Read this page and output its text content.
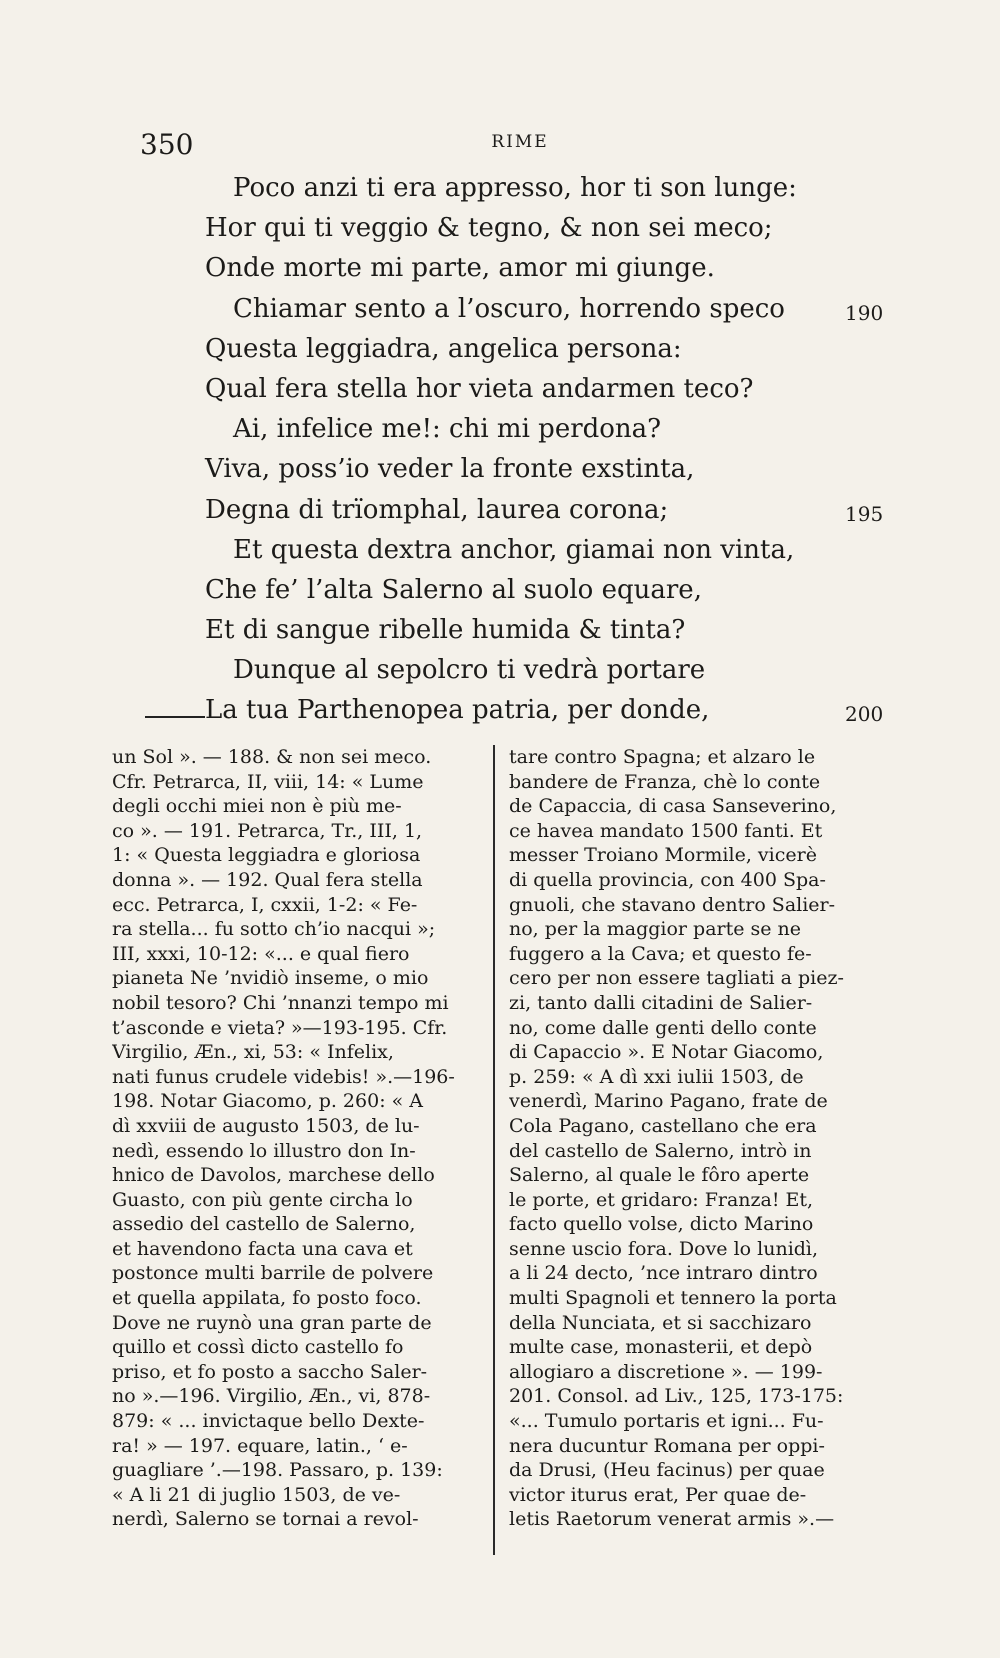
350	RIME
Poco anzi ti era appresso, hor ti son lunge:
Hor qui ti veggio & tegno, & non sei meco;
Onde morte mi parte, amor mi giunge.
Chiamar sento a l’oscuro, horrendo speco	190
Questa leggiadra, angelica persona:
Qual fera stella hor vieta andarmen teco?
Ai, infelice me!: chi mi perdona?
Viva, poss’io veder la fronte exstinta,
Degna di trïomphal, laurea corona;	195
Et questa dextra anchor, giamai non vinta,
Che fe’ l’alta Salerno al suolo equare,
Et di sangue ribelle humida & tinta?
Dunque al sepolcro ti vedrà portare
La tua Parthenopea patria, per donde,	200
un Sol ». — 188. & non sei meco.
Cfr. Petrarca, II, viii, 14: « Lume
degli occhi miei non è più me-
co ». — 191. Petrarca, Tr., III, 1,
1: « Questa leggiadra e gloriosa
donna ». — 192. Qual fera stella
ecc. Petrarca, I, cxxii, 1-2: « Fe-
ra stella... fu sotto ch’io nacqui »;
III, xxxi, 10-12: «... e qual fiero
pianeta Ne ’nvidiò inseme, o mio
nobil tesoro? Chi ’nnanzi tempo mi
t’asconde e vieta? »—193-195. Cfr.
Virgilio, Æn., xi, 53: « Infelix,
nati funus crudele videbis! ».—196-
198. Notar Giacomo, p. 260: « A
dì xxviii de augusto 1503, de lu-
nedì, essendo lo illustro don In-
hnico de Davolos, marchese dello
Guasto, con più gente circha lo
assedio del castello de Salerno,
et havendono facta una cava et
postonce multi barrile de polvere
et quella appilata, fo posto foco.
Dove ne ruynò una gran parte de
quillo et cossì dicto castello fo
priso, et fo posto a saccho Saler-
no ».—196. Virgilio, Æn., vi, 878-
879: « ... invictaque bello Dexte-
ra! » — 197. equare, latin., ‘ e-
guagliare ’.—198. Passaro, p. 139:
« A li 21 di juglio 1503, de ve-
nerdì, Salerno se tornai a revol-
tare contro Spagna; et alzaro le
bandere de Franza, chè lo conte
de Capaccia, di casa Sanseverino,
ce havea mandato 1500 fanti. Et
messer Troiano Mormile, vicerè
di quella provincia, con 400 Spa-
gnuoli, che stavano dentro Salier-
no, per la maggior parte se ne
fuggero a la Cava; et questo fe-
cero per non essere tagliati a piez-
zi, tanto dalli citadini de Salier-
no, come dalle genti dello conte
di Capaccio ». E Notar Giacomo,
p. 259: « A dì xxi iulii 1503, de
venerdì, Marino Pagano, frate de
Cola Pagano, castellano che era
del castello de Salerno, intrò in
Salerno, al quale le fôro aperte
le porte, et gridaro: Franza! Et,
facto quello volse, dicto Marino
senne uscio fora. Dove lo lunidì,
a li 24 decto, ’nce intraro dintro
multi Spagnoli et tennero la porta
della Nunciata, et si sacchizaro
multe case, monasterii, et depò
allogiaro a discretione ». — 199-
201. Consol. ad Liv., 125, 173-175:
«... Tumulo portaris et igni... Fu-
nera ducuntur Romana per oppi-
da Drusi, (Heu facinus) per quae
victor iturus erat, Per quae de-
letis Raetorum venerat armis ».—
